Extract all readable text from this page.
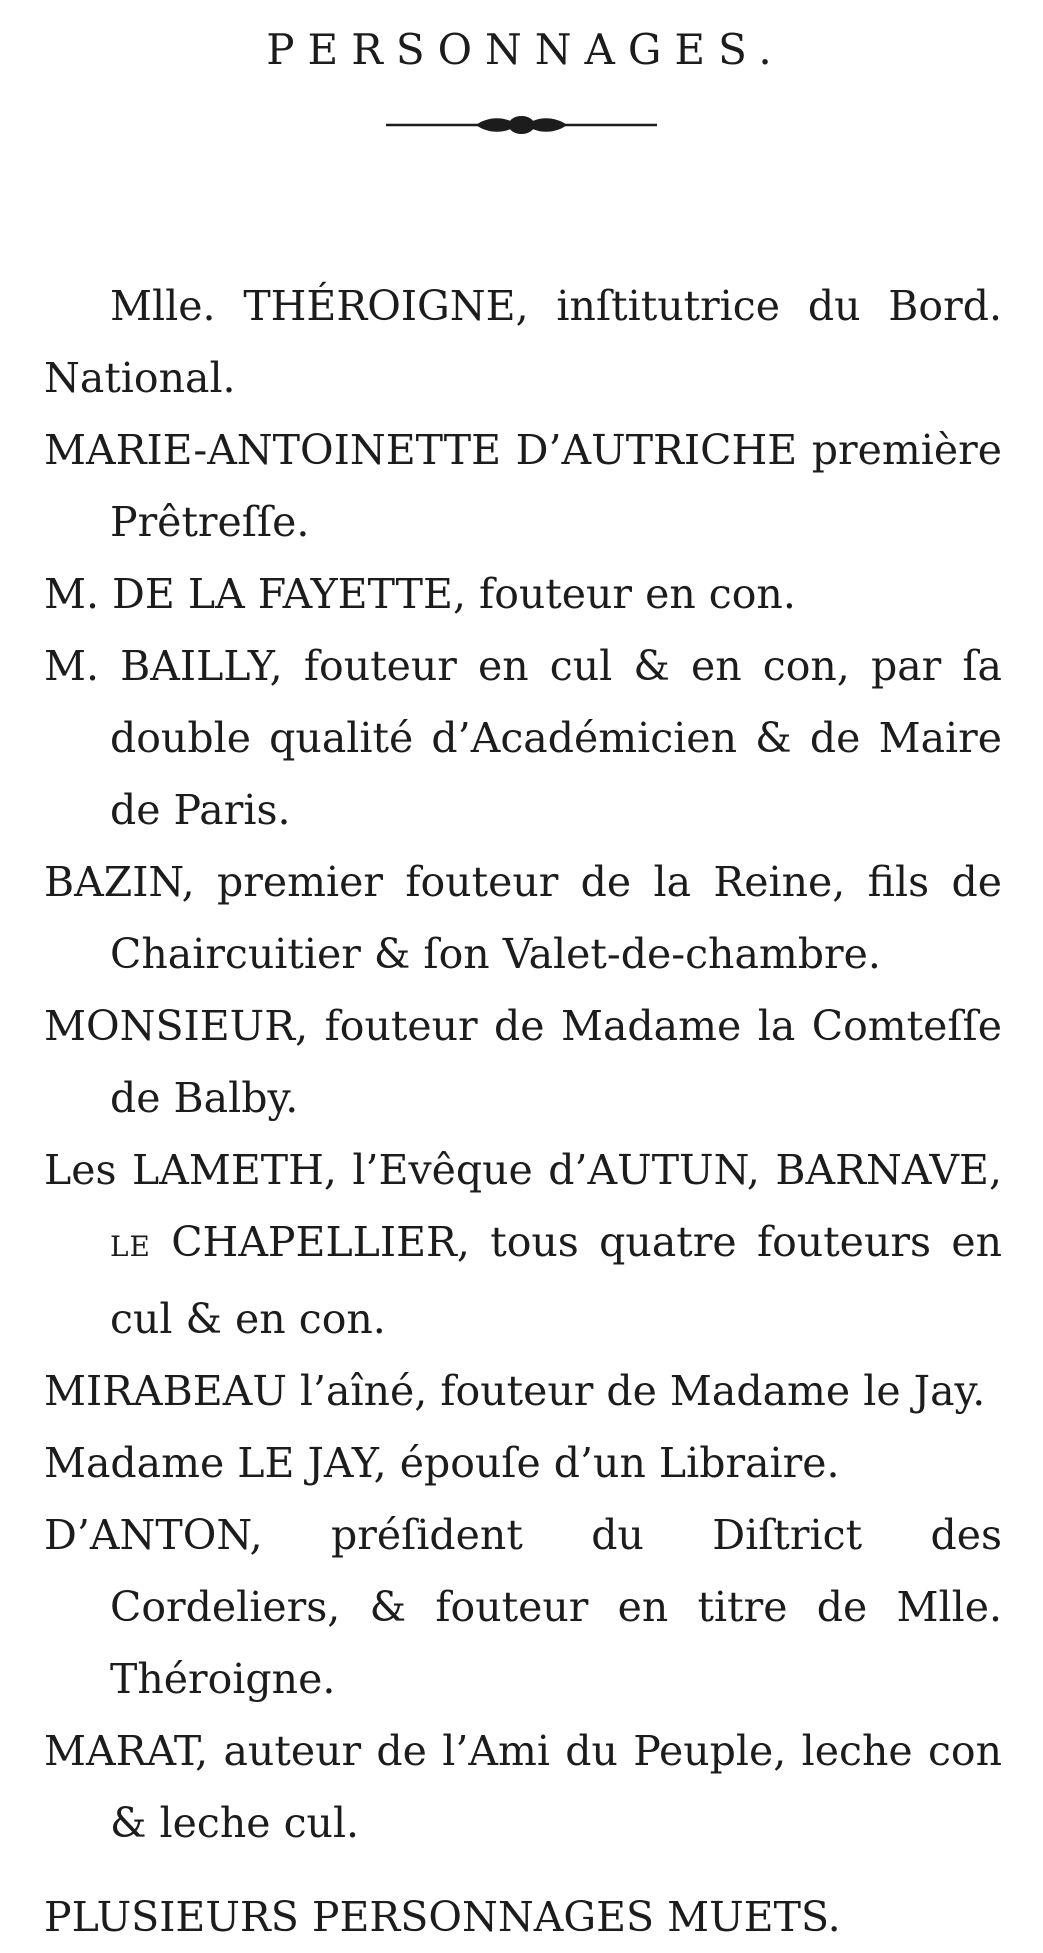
PERSONNAGES.

Mlle. THÉROIGNE, inſtitutrice du Bord. National.

MARIE-ANTOINETTE D’AUTRICHE première Prêtreſſe.

M. DE LA FAYETTE, fouteur en con.

M. BAILLY, fouteur en cul & en con, par ſa double qualité d’Académicien & de Maire de Paris.

BAZIN, premier fouteur de la Reine, fils de Chaircuitier & ſon Valet-de-chambre.

MONSIEUR, fouteur de Madame la Comteſſe de Balby.

Les LAMETH, l’Evêque d’AUTUN, BARNAVE, LE CHAPELLIER, tous quatre fouteurs en cul & en con.

MIRABEAU l’aîné, fouteur de Madame le Jay.

Madame LE JAY, épouſe d’un Libraire.

D’ANTON, préſident du Diſtrict des Cordeliers, & fouteur en titre de Mlle. Théroigne.

MARAT, auteur de l’Ami du Peuple, leche con & leche cul.

PLUSIEURS PERSONNAGES MUETS.
